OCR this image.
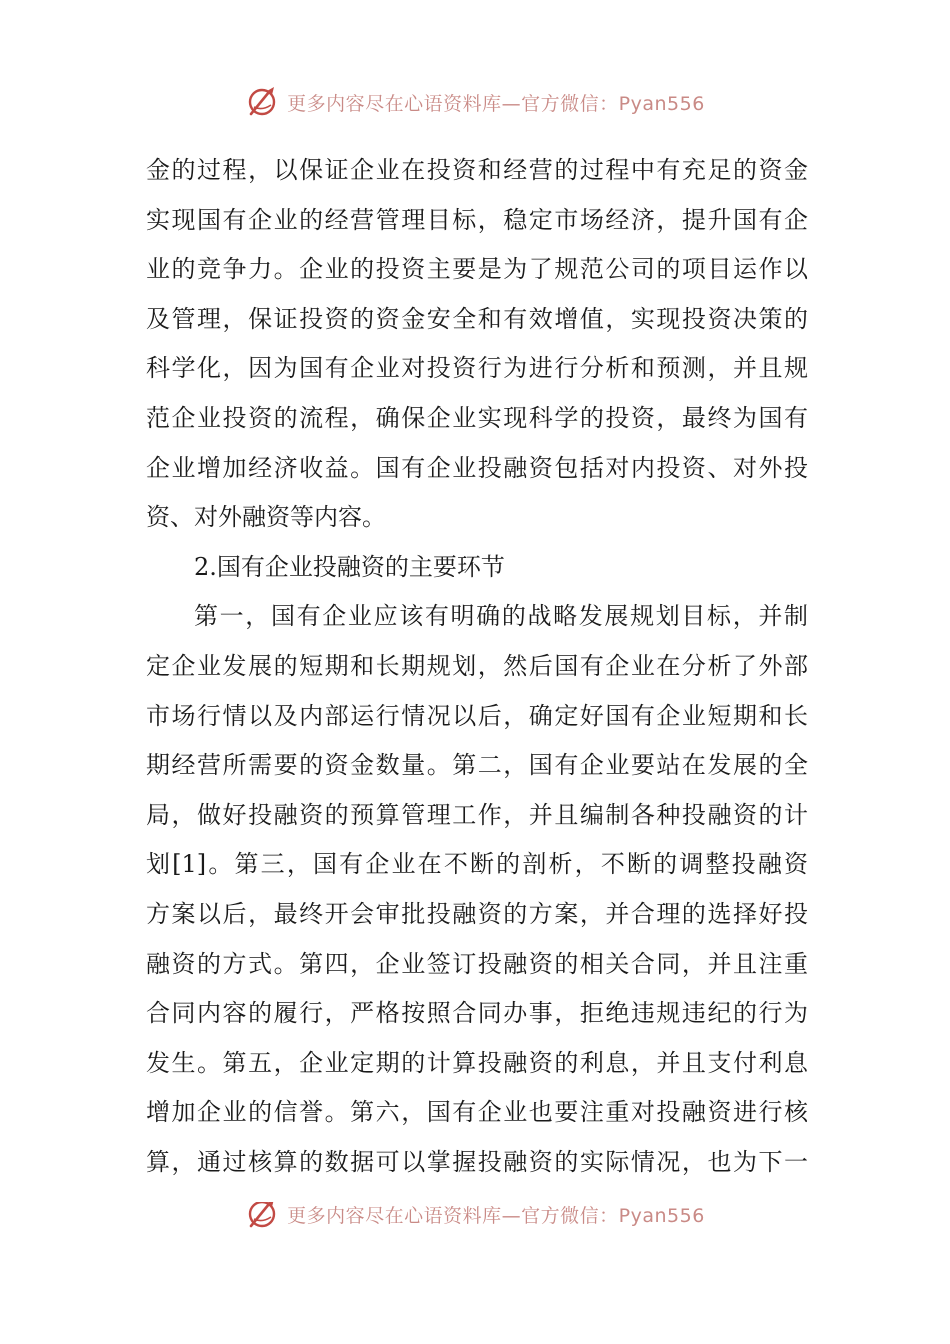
更多内容尽在心语资料库—官方微信：Pyan556
金的过程，以保证企业在投资和经营的过程中有充足的资金
实现国有企业的经营管理目标，稳定市场经济，提升国有企
业的竞争力。企业的投资主要是为了规范公司的项目运作以
及管理，保证投资的资金安全和有效增值，实现投资决策的
科学化，因为国有企业对投资行为进行分析和预测，并且规
范企业投资的流程，确保企业实现科学的投资，最终为国有
企业增加经济收益。国有企业投融资包括对内投资、对外投
资、对外融资等内容。
2.国有企业投融资的主要环节
第一，国有企业应该有明确的战略发展规划目标，并制
定企业发展的短期和长期规划，然后国有企业在分析了外部
市场行情以及内部运行情况以后，确定好国有企业短期和长
期经营所需要的资金数量。第二，国有企业要站在发展的全
局，做好投融资的预算管理工作，并且编制各种投融资的计
划[1]。第三，国有企业在不断的剖析，不断的调整投融资
方案以后，最终开会审批投融资的方案，并合理的选择好投
融资的方式。第四，企业签订投融资的相关合同，并且注重
合同内容的履行，严格按照合同办事，拒绝违规违纪的行为
发生。第五，企业定期的计算投融资的利息，并且支付利息
增加企业的信誉。第六，国有企业也要注重对投融资进行核
算，通过核算的数据可以掌握投融资的实际情况，也为下一
更多内容尽在心语资料库—官方微信：Pyan556
